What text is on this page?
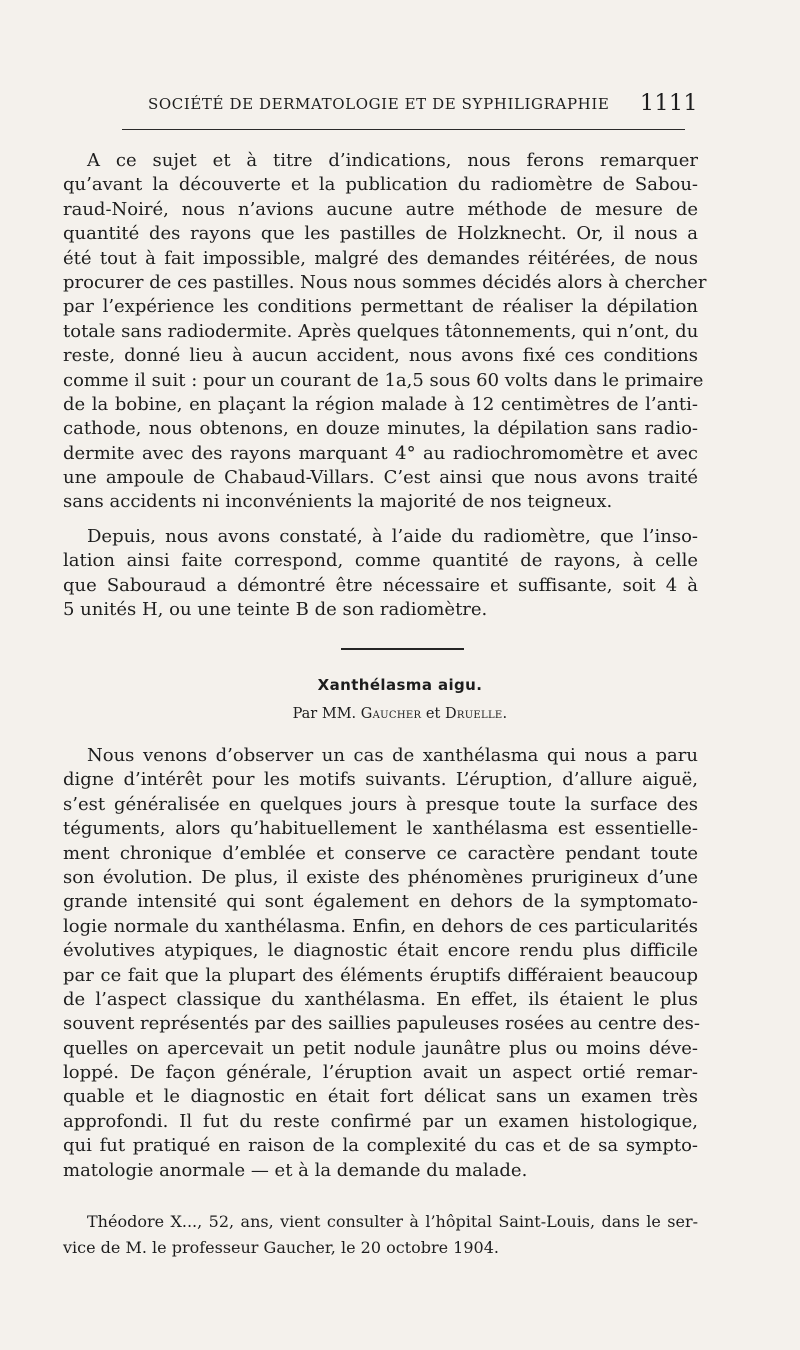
SOCIÉTÉ DE DERMATOLOGIE ET DE SYPHILIGRAPHIE 1111
A ce sujet et à titre d’indications, nous ferons remarquer
qu’avant la découverte et la publication du radiomètre de Sabou-
raud-Noiré, nous n’avions aucune autre méthode de mesure de
quantité des rayons que les pastilles de Holzknecht. Or, il nous a
été tout à fait impossible, malgré des demandes réitérées, de nous
procurer de ces pastilles. Nous nous sommes décidés alors à chercher
par l’expérience les conditions permettant de réaliser la dépilation
totale sans radiodermite. Après quelques tâtonnements, qui n’ont, du
reste, donné lieu à aucun accident, nous avons fixé ces conditions
comme il suit : pour un courant de 1a,5 sous 60 volts dans le primaire
de la bobine, en plaçant la région malade à 12 centimètres de l’anti-
cathode, nous obtenons, en douze minutes, la dépilation sans radio-
dermite avec des rayons marquant 4° au radiochromomètre et avec
une ampoule de Chabaud-Villars. C’est ainsi que nous avons traité
sans accidents ni inconvénients la majorité de nos teigneux.
Depuis, nous avons constaté, à l’aide du radiomètre, que l’inso-
lation ainsi faite correspond, comme quantité de rayons, à celle
que Sabouraud a démontré être nécessaire et suffisante, soit 4 à
5 unités H, ou une teinte B de son radiomètre.
Xanthélasma aigu.
Par MM. Gaucher et Druelle.
Nous venons d’observer un cas de xanthélasma qui nous a paru
digne d’intérêt pour les motifs suivants. L’éruption, d’allure aiguë,
s’est généralisée en quelques jours à presque toute la surface des
téguments, alors qu’habituellement le xanthélasma est essentielle-
ment chronique d’emblée et conserve ce caractère pendant toute
son évolution. De plus, il existe des phénomènes prurigineux d’une
grande intensité qui sont également en dehors de la symptomato-
logie normale du xanthélasma. Enfin, en dehors de ces particularités
évolutives atypiques, le diagnostic était encore rendu plus difficile
par ce fait que la plupart des éléments éruptifs différaient beaucoup
de l’aspect classique du xanthélasma. En effet, ils étaient le plus
souvent représentés par des saillies papuleuses rosées au centre des-
quelles on apercevait un petit nodule jaunâtre plus ou moins déve-
loppé. De façon générale, l’éruption avait un aspect ortié remar-
quable et le diagnostic en était fort délicat sans un examen très
approfondi. Il fut du reste confirmé par un examen histologique,
qui fut pratiqué en raison de la complexité du cas et de sa sympto-
matologie anormale — et à la demande du malade.
Théodore X..., 52, ans, vient consulter à l’hôpital Saint-Louis, dans le ser-
vice de M. le professeur Gaucher, le 20 octobre 1904.
